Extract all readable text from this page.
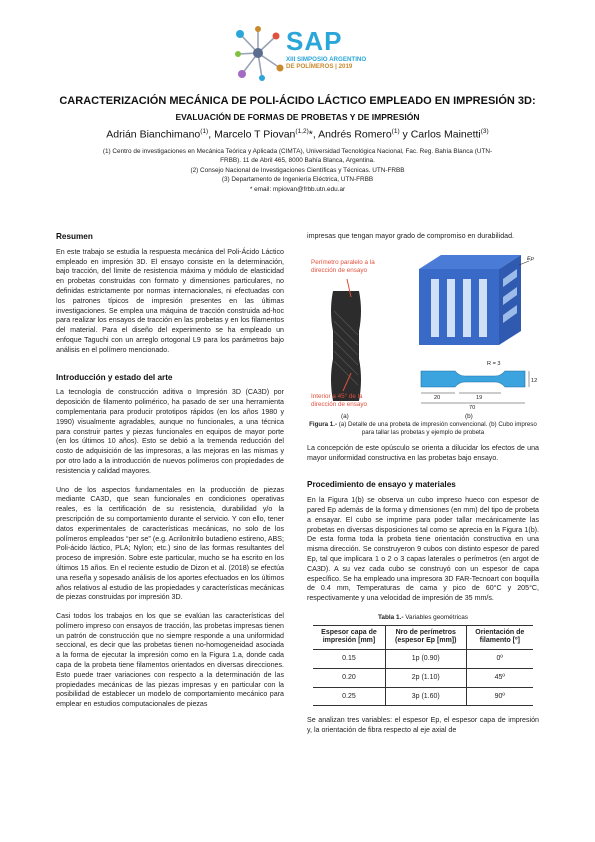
SAP
XIII SIMPOSIO ARGENTINO
DE POLÍMEROS | 2019
CARACTERIZACIÓN MECÁNICA DE POLI-ÁCIDO LÁCTICO EMPLEADO EN IMPRESIÓN 3D:
EVALUACIÓN DE FORMAS DE PROBETAS Y DE IMPRESIÓN
Adrián Bianchimano$^{(1)}$, Marcelo T Piovan$^{(1,2)}$*, Andrés Romero$^{(1)}$ y Carlos Mainetti$^{(3)}$
(1) Centro de investigaciones en Mecánica Teórica y Aplicada (CIMTA), Universidad Tecnológica Nacional, Fac. Reg. Bahía Blanca (UTN-
FRBB). 11 de Abril 465, 8000 Bahía Blanca, Argentina.
(2) Consejo Nacional de Investigaciones Científicas y Técnicas. UTN-FRBB
(3) Departamento de Ingeniería Eléctrica, UTN-FRBB
* email: mpiovan@frbb.utn.edu.ar
Resumen

En este trabajo se estudia la respuesta mecánica del Poli-Ácido Láctico empleado en impresión 3D. El ensayo consiste en la determinación, bajo tracción, del límite de resistencia máxima y módulo de elasticidad en probetas construidas con formato y dimensiones particulares, no definidas estrictamente por normas internacionales, ni efectuadas con los patrones típicos de impresión presentes en las últimas investigaciones. Se emplea una máquina de tracción construida ad-hoc para realizar los ensayos de tracción en las probetas y en los filamentos del material. Para el diseño del experimento se ha empleado un enfoque Taguchi con un arreglo ortogonal L9 para los parámetros bajo análisis en el polímero mencionado.

Introducción y estado del arte

La tecnología de construcción aditiva o Impresión 3D (CA3D) por deposición de filamento polimérico, ha pasado de ser una herramienta complementaria para producir prototipos rápidos (en los años 1980 y 1990) visualmente agradables, aunque no funcionales, a una técnica para construir partes y piezas funcionales en equipos de mayor porte (en los últimos 10 años). Esto se debió a la tremenda reducción del costo de adquisición de las impresoras, a las mejoras en las mismas y por otro lado a la introducción de nuevos polímeros con propiedades de resistencia y calidad mayores.

Uno de los aspectos fundamentales en la producción de piezas mediante CA3D, que sean funcionales en condiciones operativas reales, es la certificación de su resistencia, durabilidad y/o la prescripción de su comportamiento durante el servicio. Y con ello, tener datos experimentales de características mecánicas, no solo de los polímeros empleados “per se” (e.g. Acrilonitrilo butadieno estireno, ABS; Poli-ácido láctico, PLA; Nylon; etc.) sino de las formas resultantes del proceso de impresión. Sobre este particular, mucho se ha escrito en los últimos 15 años. En el reciente estudio de Dizon et al. (2018) se efectúa una reseña y sopesado análisis de los aportes efectuados en los últimos años relativos al estudio de las propiedades y características mecánicas de piezas construidas por impresión 3D.

Casi todos los trabajos en los que se evalúan las características del polímero impreso con ensayos de tracción, las probetas impresas tienen un patrón de construcción que no siempre responde a una uniformidad seccional, es decir que las probetas tienen no-homogeneidad asociada a la forma de ejecutar la impresión como en la Figura 1.a, donde cada capa de la probeta tiene filamentos orientados en diversas direcciones. Esto puede traer variaciones con respecto a la determinación de las propiedades mecánicas de las piezas impresas y en particular con la posibilidad de establecer un modelo de comportamiento mecánico para emplear en estudios computacionales de piezas

impresas que tengan mayor grado de compromiso en durabilidad.

Perímetro paralelo a la dirección de ensayo
Interior a 45° de la dirección de ensayo
Ep
R = 3
20	19
70
12
(a)	(b)
Figura 1.- (a) Detalle de una probeta de impresión convencional. (b) Cubo impreso para tallar las probetas y ejemplo de probeta

La concepción de este opúsculo se orienta a dilucidar los efectos de una mayor uniformidad constructiva en las probetas bajo ensayo.

Procedimiento de ensayo y materiales

En la Figura 1(b) se observa un cubo impreso hueco con espesor de pared Ep además de la forma y dimensiones (en mm) del tipo de probeta a ensayar. El cubo se imprime para poder tallar mecánicamente las probetas en diversas disposiciones tal como se aprecia en la Figura 1(b). De esta forma toda la probeta tiene orientación constructiva en una misma dirección. Se construyeron 9 cubos con distinto espesor de pared Ep, tal que implicara 1 o 2 o 3 capas laterales o perímetros (en argot de CA3D). A su vez cada cubo se construyó con un espesor de capa específico. Se ha empleado una impresora 3D FAR-Tecnoart con boquilla de 0.4 mm, Temperaturas de cama y pico de 60°C y 205°C, respectivamente y una velocidad de impresión de 35 mm/s.

Tabla 1.- Variables geométricas
Espesor capa de impresión [mm]	Nro de perímetros (espesor Ep [mm])	Orientación de filamento [º]
0.15	1p (0.90)	0º
0.20	2p (1.10)	45º
0.25	3p (1.60)	90º

Se analizan tres variables: el espesor Ep, el espesor capa de impresión y, la orientación de fibra respecto al eje axial de
